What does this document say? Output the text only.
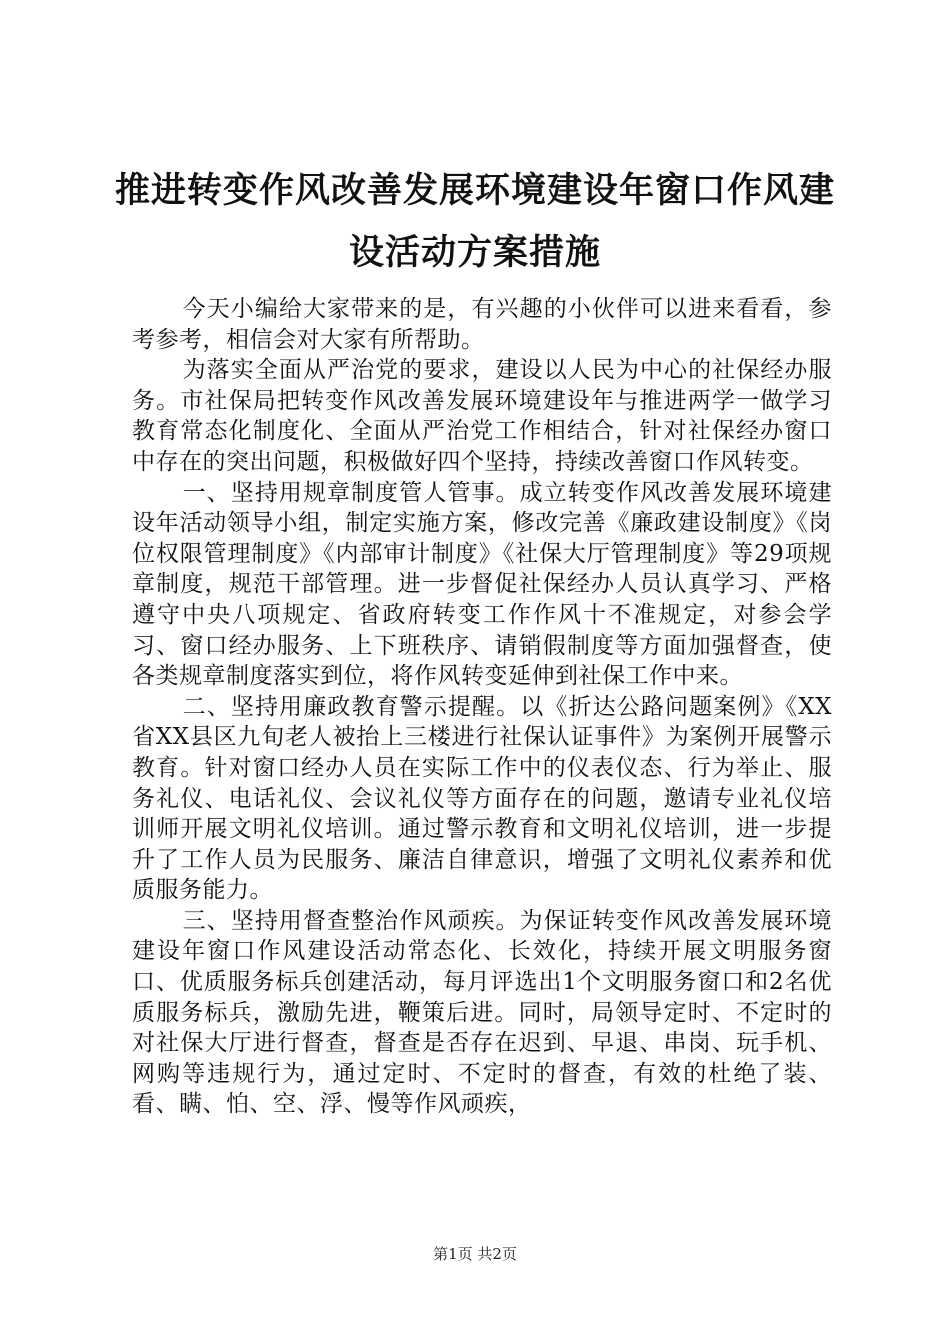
推进转变作风改善发展环境建设年窗口作风建设活动方案措施

今天小编给大家带来的是，有兴趣的小伙伴可以进来看看，参考参考，相信会对大家有所帮助。

为落实全面从严治党的要求，建设以人民为中心的社保经办服务。市社保局把转变作风改善发展环境建设年与推进两学一做学习教育常态化制度化、全面从严治党工作相结合，针对社保经办窗口中存在的突出问题，积极做好四个坚持，持续改善窗口作风转变。

一、坚持用规章制度管人管事。成立转变作风改善发展环境建设年活动领导小组，制定实施方案，修改完善《廉政建设制度》《岗位权限管理制度》《内部审计制度》《社保大厅管理制度》等29项规章制度，规范干部管理。进一步督促社保经办人员认真学习、严格遵守中央八项规定、省政府转变工作作风十不准规定，对参会学习、窗口经办服务、上下班秩序、请销假制度等方面加强督查，使各类规章制度落实到位，将作风转变延伸到社保工作中来。

二、坚持用廉政教育警示提醒。以《折达公路问题案例》《XX省XX县区九旬老人被抬上三楼进行社保认证事件》为案例开展警示教育。针对窗口经办人员在实际工作中的仪表仪态、行为举止、服务礼仪、电话礼仪、会议礼仪等方面存在的问题，邀请专业礼仪培训师开展文明礼仪培训。通过警示教育和文明礼仪培训，进一步提升了工作人员为民服务、廉洁自律意识，增强了文明礼仪素养和优质服务能力。

三、坚持用督查整治作风顽疾。为保证转变作风改善发展环境建设年窗口作风建设活动常态化、长效化，持续开展文明服务窗口、优质服务标兵创建活动，每月评选出1个文明服务窗口和2名优质服务标兵，激励先进，鞭策后进。同时，局领导定时、不定时的对社保大厅进行督查，督查是否存在迟到、早退、串岗、玩手机、网购等违规行为，通过定时、不定时的督查，有效的杜绝了装、看、瞒、怕、空、浮、慢等作风顽疾，

第1页 共2页
